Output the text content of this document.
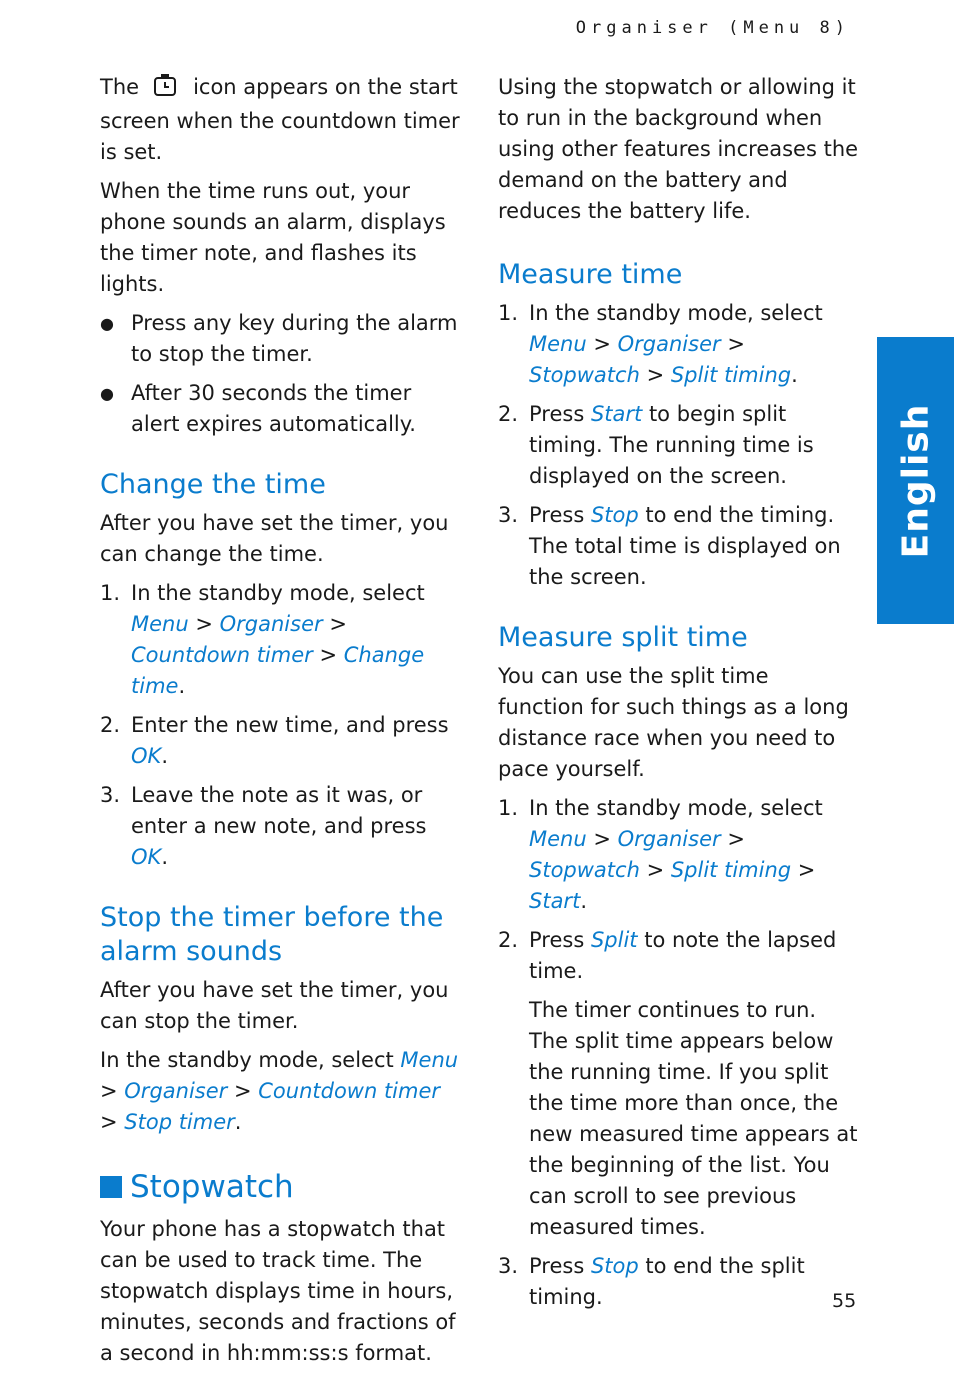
Organiser (Menu 8)
English

The	icon appears on the start screen when the countdown timer is set.

When the time runs out, your phone sounds an alarm, displays the timer note, and flashes its lights.

● Press any key during the alarm to stop the timer.
● After 30 seconds the timer alert expires automatically.
Change the time

After you have set the timer, you can change the time.

1. In the standby mode, select Menu > Organiser > Countdown timer > Change time.
2. Enter the new time, and press OK.
3. Leave the note as it was, or enter a new note, and press OK.
Stop the timer before the alarm sounds

After you have set the timer, you can stop the timer.

In the standby mode, select Menu > Organiser > Countdown timer > Stop timer.

Stopwatch

Your phone has a stopwatch that can be used to track time. The stopwatch displays time in hours, minutes, seconds and fractions of a second in hh:mm:ss:s format.

Using the stopwatch or allowing it to run in the background when using other features increases the demand on the battery and reduces the battery life.

Measure time
1. In the standby mode, select Menu > Organiser > Stopwatch > Split timing.
2. Press Start to begin split timing. The running time is displayed on the screen.
3. Press Stop to end the timing. The total time is displayed on the screen.
Measure split time

You can use the split time function for such things as a long distance race when you need to pace yourself.

1. In the standby mode, select Menu > Organiser > Stopwatch > Split timing > Start.
2. Press Split to note the lapsed time.
The timer continues to run. The split time appears below the running time. If you split the time more than once, the new measured time appears at the beginning of the list. You can scroll to see previous measured times.
3. Press Stop to end the split timing.	55
